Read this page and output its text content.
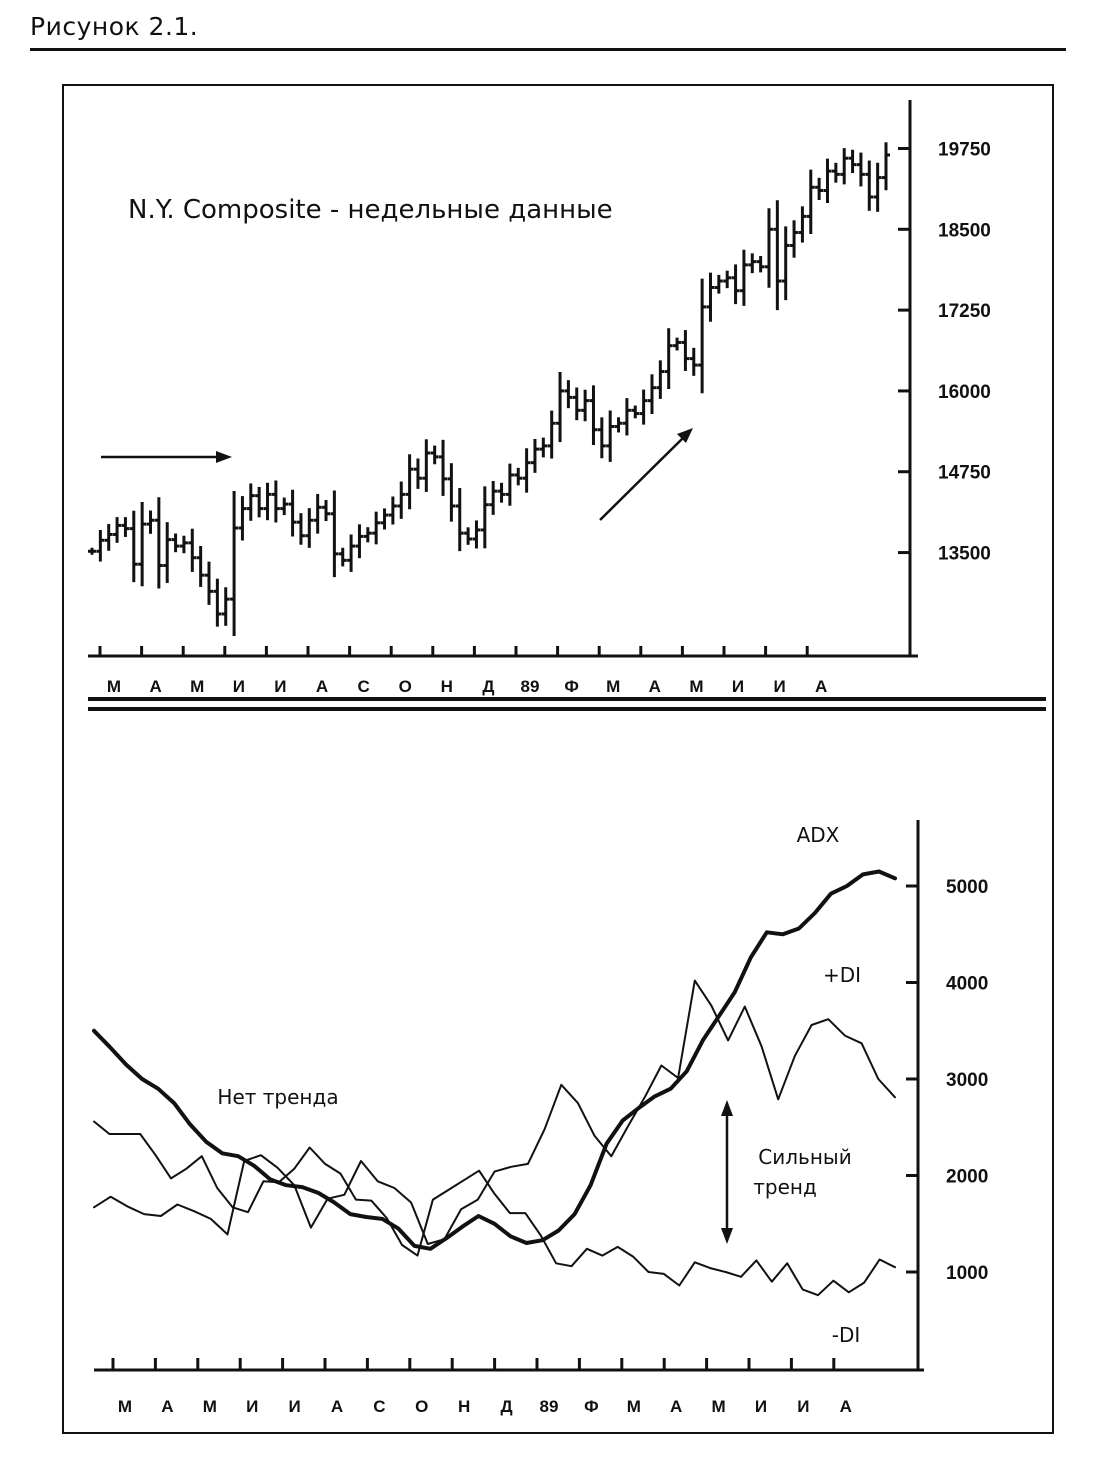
Рисунок 2.1.
N.Y. Composite - недельные данные
13500
14750
16000
17250
18500
19750
М А М И И А С О Н Д 89 Ф М А М И И А
1000
2000
3000
4000
5000
М А М И И А С О Н Д 89 Ф М А М И И А
ADX
+DI
-DI
Нет тренда
Сильный
тренд
